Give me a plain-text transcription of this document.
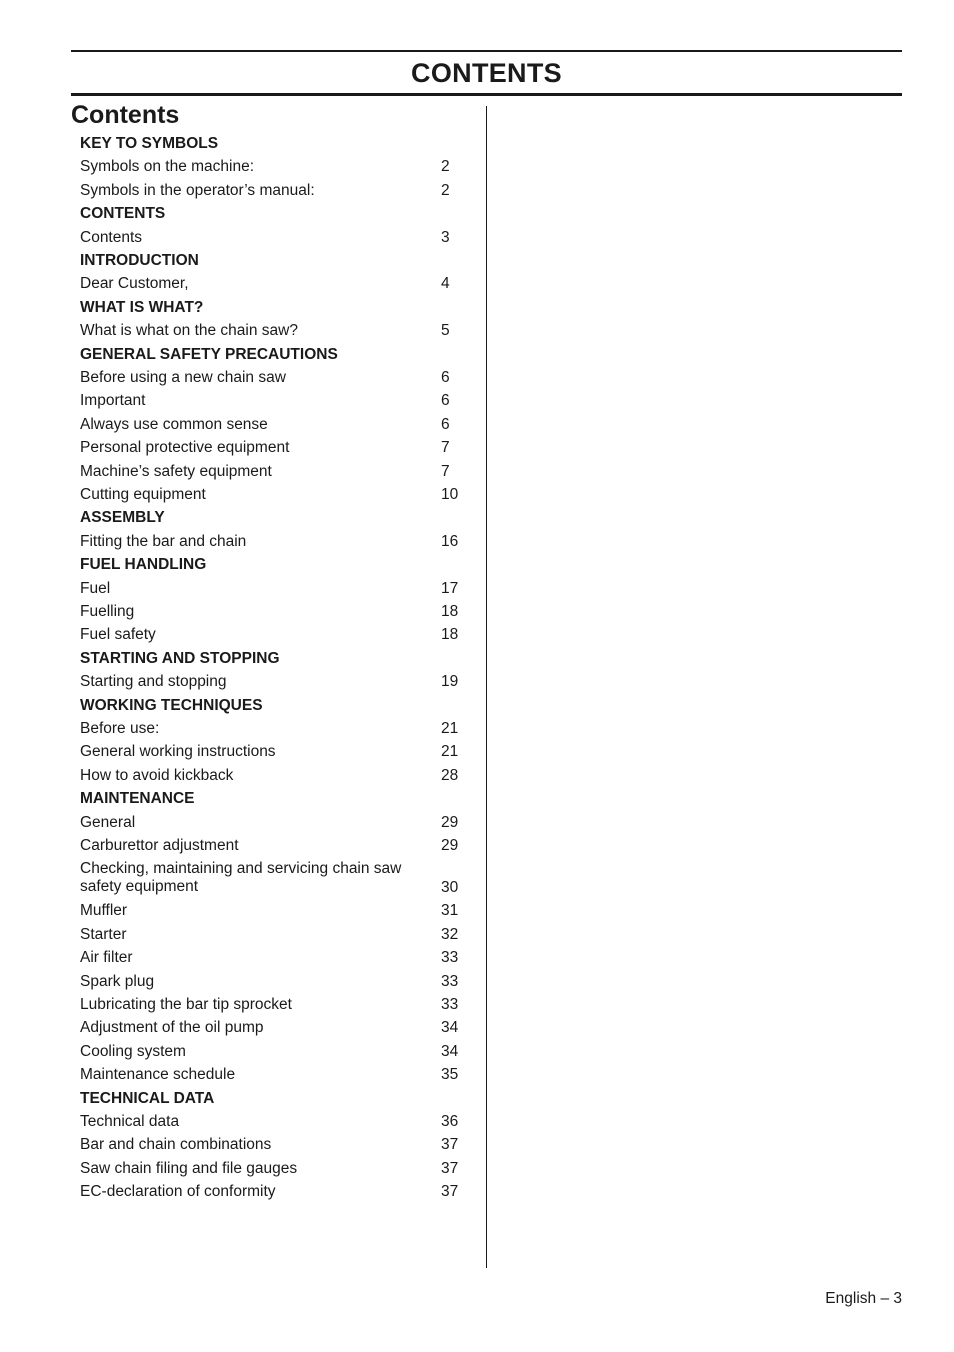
CONTENTS
Contents
KEY TO SYMBOLS
Symbols on the machine:	2
Symbols in the operator’s manual:	2
CONTENTS
Contents	3
INTRODUCTION
Dear Customer,	4
WHAT IS WHAT?
What is what on the chain saw?	5
GENERAL SAFETY PRECAUTIONS
Before using a new chain saw	6
Important	6
Always use common sense	6
Personal protective equipment	7
Machine’s safety equipment	7
Cutting equipment	10
ASSEMBLY
Fitting the bar and chain	16
FUEL HANDLING
Fuel	17
Fuelling	18
Fuel safety	18
STARTING AND STOPPING
Starting and stopping	19
WORKING TECHNIQUES
Before use:	21
General working instructions	21
How to avoid kickback	28
MAINTENANCE
General	29
Carburettor adjustment	29
Checking, maintaining and servicing chain saw safety equipment	30
Muffler	31
Starter	32
Air filter	33
Spark plug	33
Lubricating the bar tip sprocket	33
Adjustment of the oil pump	34
Cooling system	34
Maintenance schedule	35
TECHNICAL DATA
Technical data	36
Bar and chain combinations	37
Saw chain filing and file gauges	37
EC-declaration of conformity	37
English – 3
